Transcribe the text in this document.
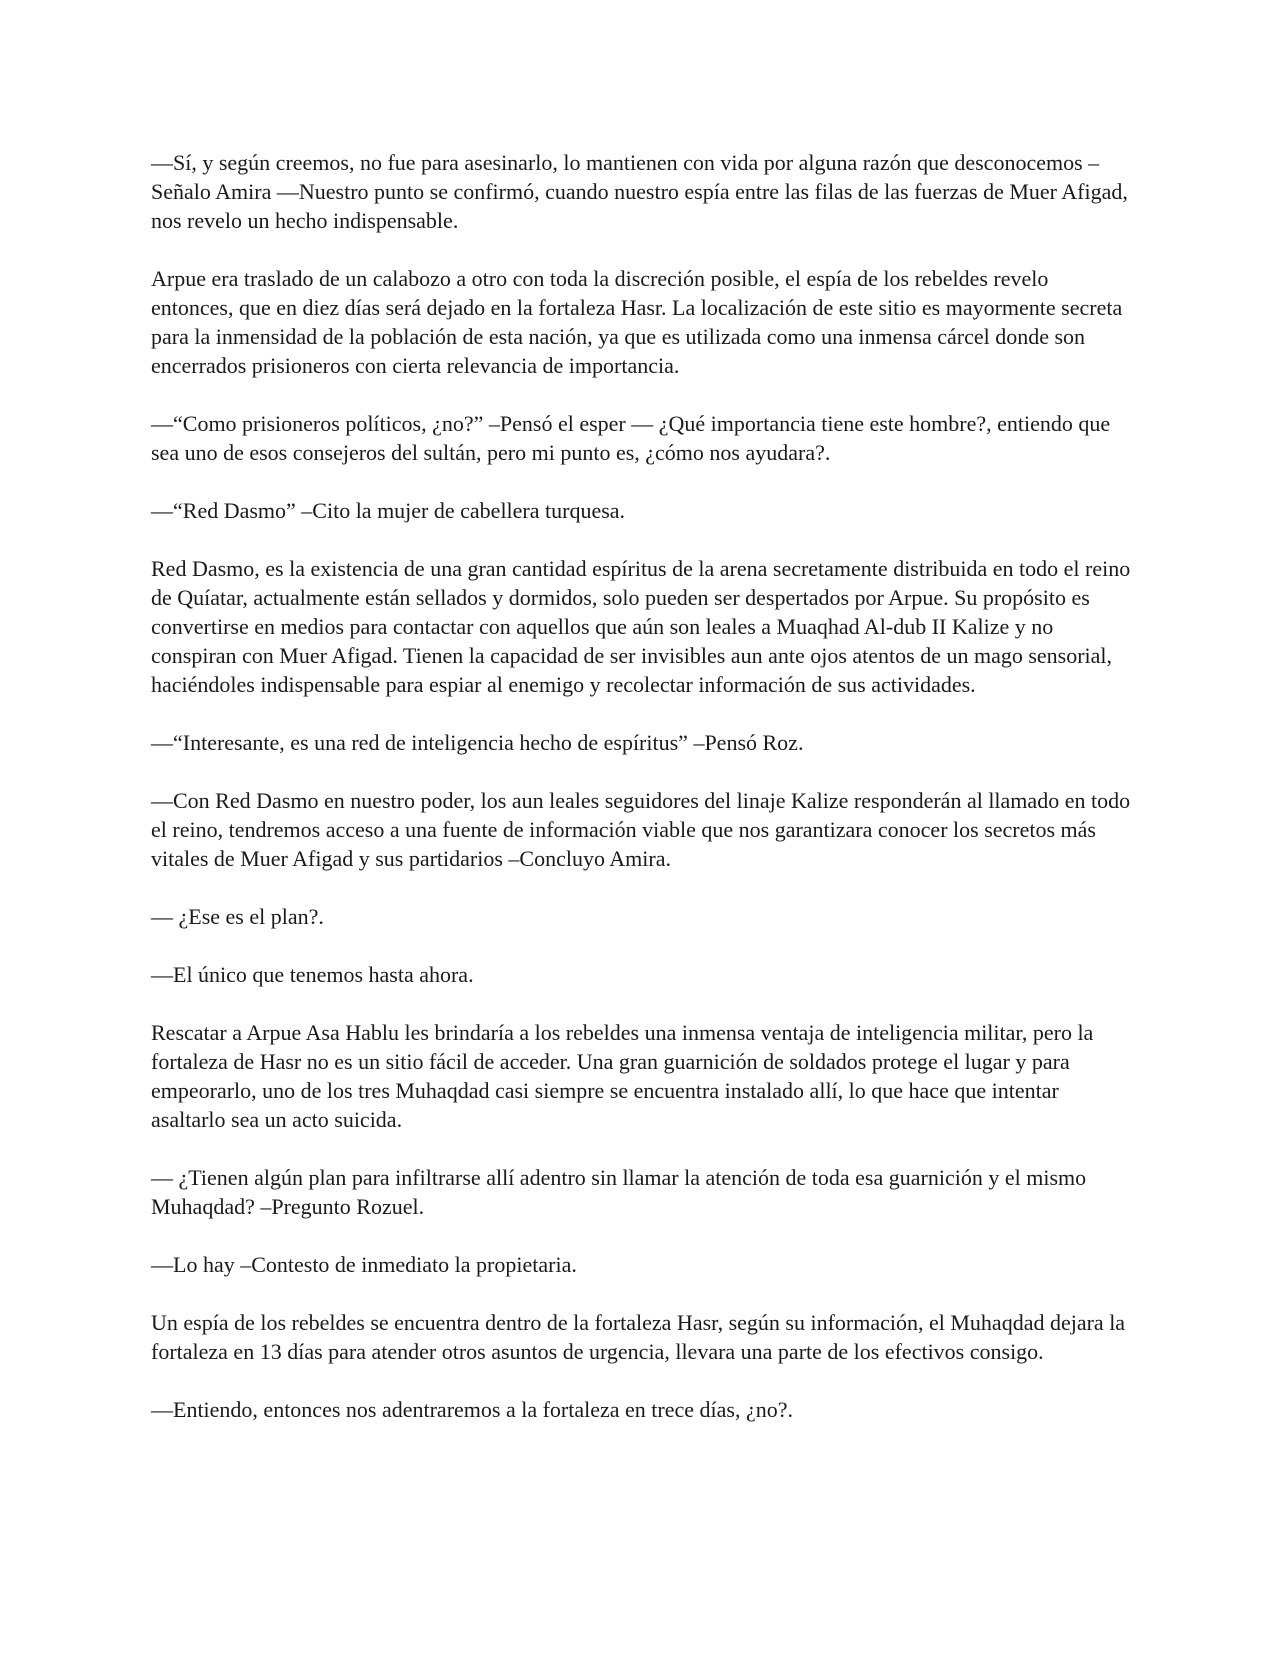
—Sí, y según creemos, no fue para asesinarlo, lo mantienen con vida por alguna razón que desconocemos –Señalo Amira —Nuestro punto se confirmó, cuando nuestro espía entre las filas de las fuerzas de Muer Afigad, nos revelo un hecho indispensable.

Arpue era traslado de un calabozo a otro con toda la discreción posible, el espía de los rebeldes revelo entonces, que en diez días será dejado en la fortaleza Hasr. La localización de este sitio es mayormente secreta para la inmensidad de la población de esta nación, ya que es utilizada como una inmensa cárcel donde son encerrados prisioneros con cierta relevancia de importancia.

—“Como prisioneros políticos, ¿no?” –Pensó el esper — ¿Qué importancia tiene este hombre?, entiendo que sea uno de esos consejeros del sultán, pero mi punto es, ¿cómo nos ayudara?.

—“Red Dasmo” –Cito la mujer de cabellera turquesa.

Red Dasmo, es la existencia de una gran cantidad espíritus de la arena secretamente distribuida en todo el reino de Quíatar, actualmente están sellados y dormidos, solo pueden ser despertados por Arpue. Su propósito es convertirse en medios para contactar con aquellos que aún son leales a Muaqhad Al-dub II Kalize y no conspiran con Muer Afigad. Tienen la capacidad de ser invisibles aun ante ojos atentos de un mago sensorial, haciéndoles indispensable para espiar al enemigo y recolectar información de sus actividades.

—“Interesante, es una red de inteligencia hecho de espíritus” –Pensó Roz.

—Con Red Dasmo en nuestro poder, los aun leales seguidores del linaje Kalize responderán al llamado en todo el reino, tendremos acceso a una fuente de información viable que nos garantizara conocer los secretos más vitales de Muer Afigad y sus partidarios –Concluyo Amira.

— ¿Ese es el plan?.

—El único que tenemos hasta ahora.

Rescatar a Arpue Asa Hablu les brindaría a los rebeldes una inmensa ventaja de inteligencia militar, pero la fortaleza de Hasr no es un sitio fácil de acceder. Una gran guarnición de soldados protege el lugar y para empeorarlo, uno de los tres Muhaqdad casi siempre se encuentra instalado allí, lo que hace que intentar asaltarlo sea un acto suicida.

— ¿Tienen algún plan para infiltrarse allí adentro sin llamar la atención de toda esa guarnición y el mismo Muhaqdad? –Pregunto Rozuel.

—Lo hay –Contesto de inmediato la propietaria.

Un espía de los rebeldes se encuentra dentro de la fortaleza Hasr, según su información, el Muhaqdad dejara la fortaleza en 13 días para atender otros asuntos de urgencia, llevara una parte de los efectivos consigo.

—Entiendo, entonces nos adentraremos a la fortaleza en trece días, ¿no?.
